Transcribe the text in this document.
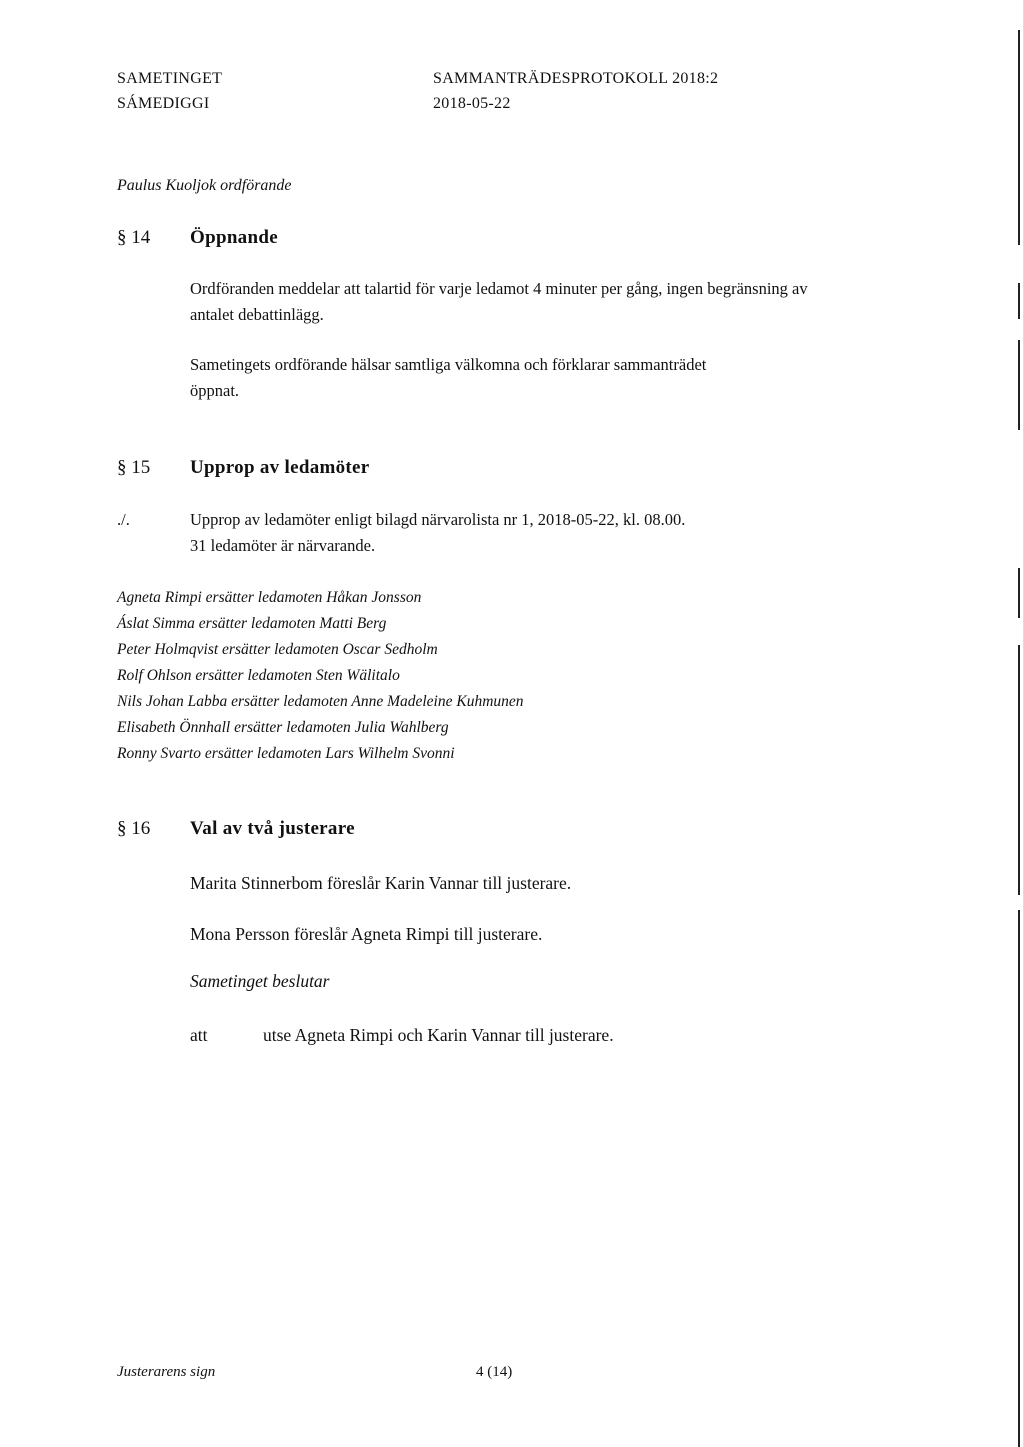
SAMETINGET
SÁMEDIGGI
SAMMANTRÄDESPROTOKOLL 2018:2
2018-05-22
Paulus Kuoljok ordförande
§ 14 Öppnande
Ordföranden meddelar att talartid för varje ledamot 4 minuter per gång, ingen begränsning av antalet debattinlägg.
Sametingets ordförande hälsar samtliga välkomna och förklarar sammanträdet öppnat.
§ 15 Upprop av ledamöter
./.	Upprop av ledamöter enligt bilagd närvarolista nr 1, 2018-05-22, kl. 08.00.
31 ledamöter är närvarande.
Agneta Rimpi ersätter ledamoten Håkan Jonsson
Áslat Simma ersätter ledamoten Matti Berg
Peter Holmqvist ersätter ledamoten Oscar Sedholm
Rolf Ohlson ersätter ledamoten Sten Wälitalo
Nils Johan Labba ersätter ledamoten Anne Madeleine Kuhmunen
Elisabeth Önnhall ersätter ledamoten Julia Wahlberg
Ronny Svarto ersätter ledamoten Lars Wilhelm Svonni
§ 16 Val av två justerare
Marita Stinnerbom föreslår Karin Vannar till justerare.
Mona Persson föreslår Agneta Rimpi till justerare.
Sametinget beslutar
att	utse Agneta Rimpi och Karin Vannar till justerare.
Justerarens sign	4 (14)
